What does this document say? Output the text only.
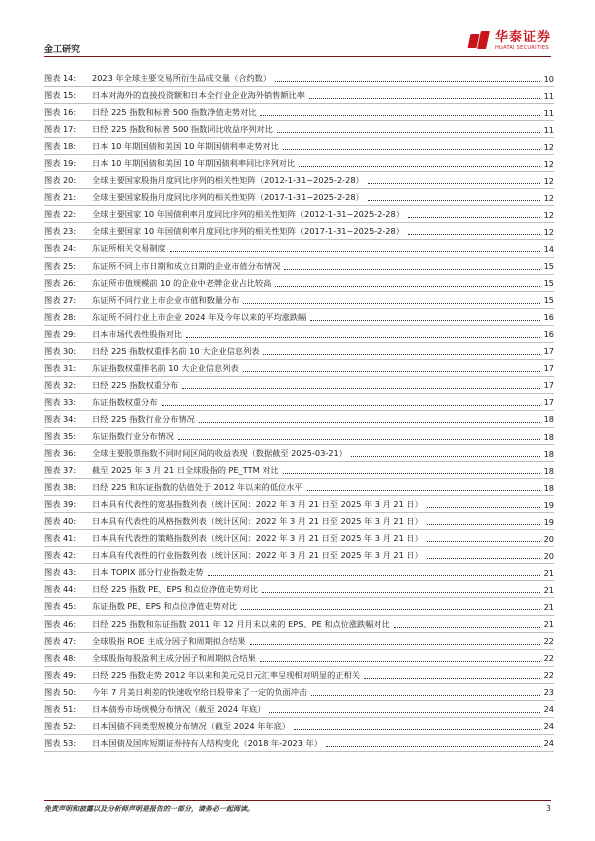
金工研究
华泰证券
HUATAI SECURITIES
图表 14:	2023 年全球主要交易所衍生品成交量（合约数）	10
图表 15:	日本对海外的直接投资额和日本全行业企业海外销售额比率	11
图表 16:	日经 225 指数和标普 500 指数净值走势对比	11
图表 17:	日经 225 指数和标普 500 指数同比收益序列对比	11
图表 18:	日本 10 年期国债和美国 10 年期国债利率走势对比	12
图表 19:	日本 10 年期国债和美国 10 年期国债利率同比序列对比	12
图表 20:	全球主要国家股指月度同比序列的相关性矩阵（2012-1-31~2025-2-28）	12
图表 21:	全球主要国家股指月度同比序列的相关性矩阵（2017-1-31~2025-2-28）	12
图表 22:	全球主要国家 10 年国债利率月度同比序列的相关性矩阵（2012-1-31~2025-2-28）	12
图表 23:	全球主要国家 10 年国债利率月度同比序列的相关性矩阵（2017-1-31~2025-2-28）	12
图表 24:	东证所相关交易制度	14
图表 25:	东证所不同上市日期和成立日期的企业市值分布情况	15
图表 26:	东证所市值规模前 10 的企业中老牌企业占比较高	15
图表 27:	东证所不同行业上市企业市值和数量分布	15
图表 28:	东证所不同行业上市企业 2024 年及今年以来的平均涨跌幅	16
图表 29:	日本市场代表性股指对比	16
图表 30:	日经 225 指数权重排名前 10 大企业信息列表	17
图表 31:	东证指数权重排名前 10 大企业信息列表	17
图表 32:	日经 225 指数权重分布	17
图表 33:	东证指数权重分布	17
图表 34:	日经 225 指数行业分布情况	18
图表 35:	东证指数行业分布情况	18
图表 36:	全球主要股票指数不同时间区间的收益表现（数据截至 2025-03-21）	18
图表 37:	截至 2025 年 3 月 21 日全球股指的 PE_TTM 对比	18
图表 38:	日经 225 和东证指数的估值处于 2012 年以来的低位水平	18
图表 39:	日本具有代表性的宽基指数列表（统计区间：2022 年 3 月 21 日至 2025 年 3 月 21 日）	19
图表 40:	日本具有代表性的风格指数列表（统计区间：2022 年 3 月 21 日至 2025 年 3 月 21 日）	19
图表 41:	日本具有代表性的策略指数列表（统计区间：2022 年 3 月 21 日至 2025 年 3 月 21 日）	20
图表 42:	日本具有代表性的行业指数列表（统计区间：2022 年 3 月 21 日至 2025 年 3 月 21 日）	20
图表 43:	日本 TOPIX 部分行业指数走势	21
图表 44:	日经 225 指数 PE、EPS 和点位净值走势对比	21
图表 45:	东证指数 PE、EPS 和点位净值走势对比	21
图表 46:	日经 225 指数和东证指数 2011 年 12 月月末以来的 EPS、PE 和点位涨跌幅对比	21
图表 47:	全球股指 ROE 主成分因子和周期拟合结果	22
图表 48:	全球股指每股盈利主成分因子和周期拟合结果	22
图表 49:	日经 225 指数走势 2012 年以来和美元兑日元汇率呈现相对明显的正相关	22
图表 50:	今年 7 月美日利差的快速收窄给日股带来了一定的负面冲击	23
图表 51:	日本债券市场规模分布情况（截至 2024 年底）	24
图表 52:	日本国债不同类型规模分布情况（截至 2024 年年底）	24
图表 53:	日本国债及国库短期证券持有人结构变化（2018 年-2023 年）	24
免责声明和披露以及分析师声明是报告的一部分，请务必一起阅读。	3
